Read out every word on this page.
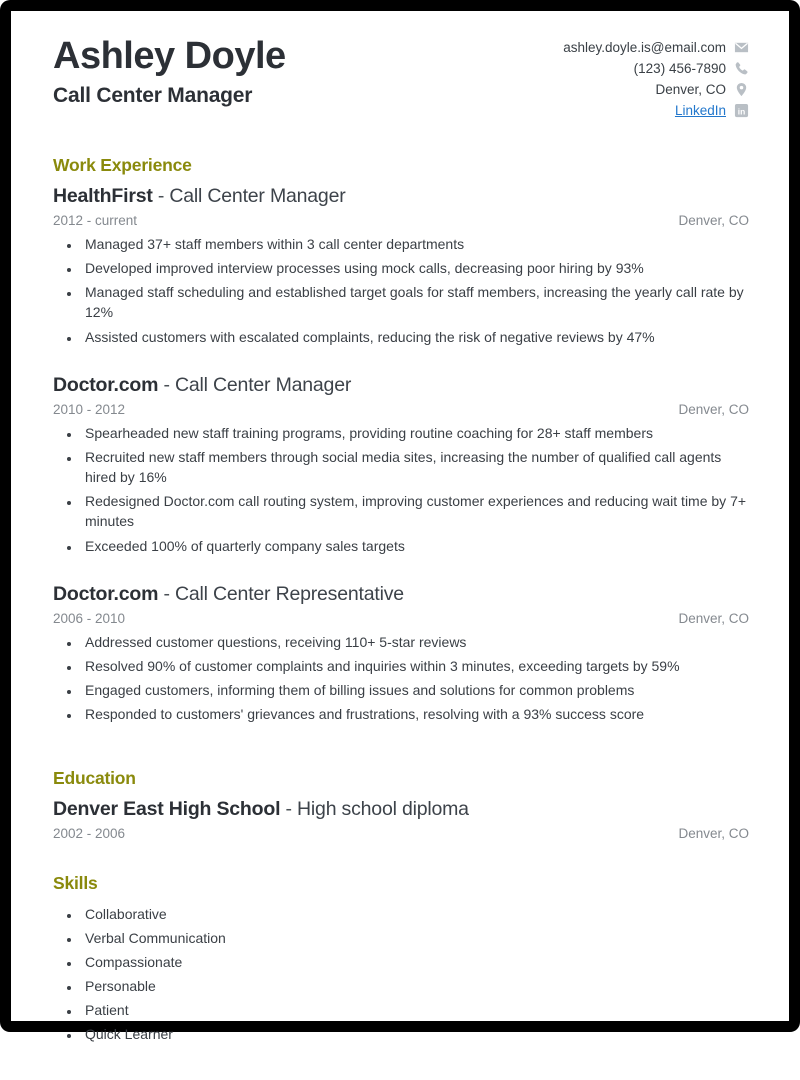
Ashley Doyle
Call Center Manager
ashley.doyle.is@email.com
(123) 456-7890
Denver, CO
LinkedIn in
Work Experience
HealthFirst - Call Center Manager
2012 - current	Denver, CO
• Managed 37+ staff members within 3 call center departments
• Developed improved interview processes using mock calls, decreasing poor hiring by 93%
• Managed staff scheduling and established target goals for staff members, increasing the yearly call rate by 12%
• Assisted customers with escalated complaints, reducing the risk of negative reviews by 47%
Doctor.com - Call Center Manager
2010 - 2012	Denver, CO
• Spearheaded new staff training programs, providing routine coaching for 28+ staff members
• Recruited new staff members through social media sites, increasing the number of qualified call agents hired by 16%
• Redesigned Doctor.com call routing system, improving customer experiences and reducing wait time by 7+ minutes
• Exceeded 100% of quarterly company sales targets
Doctor.com - Call Center Representative
2006 - 2010	Denver, CO
• Addressed customer questions, receiving 110+ 5-star reviews
• Resolved 90% of customer complaints and inquiries within 3 minutes, exceeding targets by 59%
• Engaged customers, informing them of billing issues and solutions for common problems
• Responded to customers' grievances and frustrations, resolving with a 93% success score
Education
Denver East High School - High school diploma
2002 - 2006	Denver, CO
Skills
• Collaborative
• Verbal Communication
• Compassionate
• Personable
• Patient
• Quick Learner
